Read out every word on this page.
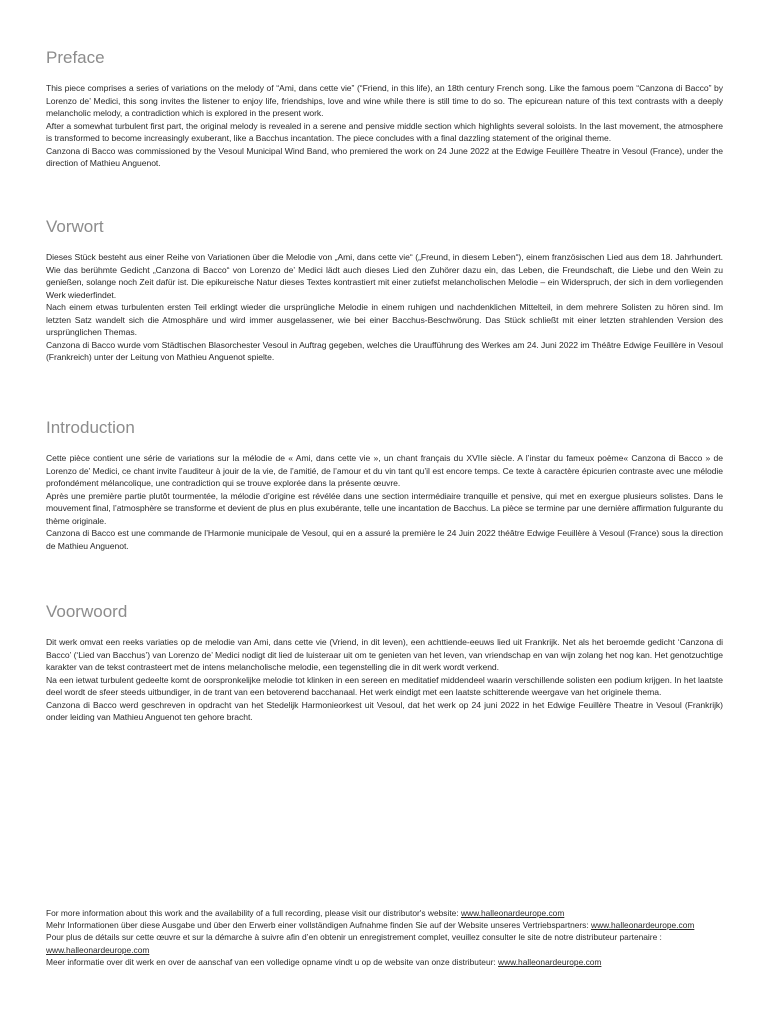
Preface

This piece comprises a series of variations on the melody of “Ami, dans cette vie” (“Friend, in this life), an 18th century French song. Like the famous poem “Canzona di Bacco” by Lorenzo de’ Medici, this song invites the listener to enjoy life, friendships, love and wine while there is still time to do so. The epicurean nature of this text contrasts with a deeply melancholic melody, a contradiction which is explored in the present work.

After a somewhat turbulent first part, the original melody is revealed in a serene and pensive middle section which highlights several soloists. In the last movement, the atmosphere is transformed to become increasingly exuberant, like a Bacchus incantation. The piece concludes with a final dazzling statement of the original theme.

Canzona di Bacco was commissioned by the Vesoul Municipal Wind Band, who premiered the work on 24 June 2022 at the Edwige Feuillère Theatre in Vesoul (France), under the direction of Mathieu Anguenot.

Vorwort

Dieses Stück besteht aus einer Reihe von Variationen über die Melodie von „Ami, dans cette vie“ („Freund, in diesem Leben“), einem französischen Lied aus dem 18. Jahrhundert. Wie das berühmte Gedicht „Canzona di Bacco“ von Lorenzo de’ Medici lädt auch dieses Lied den Zuhörer dazu ein, das Leben, die Freundschaft, die Liebe und den Wein zu genießen, solange noch Zeit dafür ist. Die epikureische Natur dieses Textes kontrastiert mit einer zutiefst melancholischen Melodie – ein Widerspruch, der sich in dem vorliegenden Werk wiederfindet.

Nach einem etwas turbulenten ersten Teil erklingt wieder die ursprüngliche Melodie in einem ruhigen und nachdenklichen Mittelteil, in dem mehrere Solisten zu hören sind. Im letzten Satz wandelt sich die Atmosphäre und wird immer ausgelassener, wie bei einer Bacchus-Beschwörung. Das Stück schließt mit einer letzten strahlenden Version des ursprünglichen Themas.

Canzona di Bacco wurde vom Städtischen Blasorchester Vesoul in Auftrag gegeben, welches die Uraufführung des Werkes am 24. Juni 2022 im Théâtre Edwige Feuillère in Vesoul (Frankreich) unter der Leitung von Mathieu Anguenot spielte.

Introduction

Cette pièce contient une série de variations sur la mélodie de « Ami, dans cette vie », un chant français du XVIIe siècle. A l’instar du fameux poème« Canzona di Bacco » de Lorenzo de’ Medici, ce chant invite l’auditeur à jouir de la vie, de l’amitié, de l’amour et du vin tant qu’il est encore temps. Ce texte à caractère épicurien contraste avec une mélodie profondément mélancolique, une contradiction qui se trouve explorée dans la présente œuvre.

Après une première partie plutôt tourmentée, la mélodie d’origine est révélée dans une section intermédiaire tranquille et pensive, qui met en exergue plusieurs solistes. Dans le mouvement final, l’atmosphère se transforme et devient de plus en plus exubérante, telle une incantation de Bacchus. La pièce se termine par une dernière affirmation fulgurante du thème originale.

Canzona di Bacco est une commande de l’Harmonie municipale de Vesoul, qui en a assuré la première le 24 Juin 2022 théâtre Edwige Feuillère à Vesoul (France) sous la direction de Mathieu Anguenot.

Voorwoord

Dit werk omvat een reeks variaties op de melodie van Ami, dans cette vie (Vriend, in dit leven), een achttiende-eeuws lied uit Frankrijk. Net als het beroemde gedicht ‘Canzona di Bacco’ (‘Lied van Bacchus’) van Lorenzo de’ Medici nodigt dit lied de luisteraar uit om te genieten van het leven, van vriendschap en van wijn zolang het nog kan. Het genotzuchtige karakter van de tekst contrasteert met de intens melancholische melodie, een tegenstelling die in dit werk wordt verkend.

Na een ietwat turbulent gedeelte komt de oorspronkelijke melodie tot klinken in een sereen en meditatief middendeel waarin verschillende solisten een podium krijgen. In het laatste deel wordt de sfeer steeds uitbundiger, in de trant van een betoverend bacchanaal. Het werk eindigt met een laatste schitterende weergave van het originele thema.

Canzona di Bacco werd geschreven in opdracht van het Stedelijk Harmonieorkest uit Vesoul, dat het werk op 24 juni 2022 in het Edwige Feuillère Theatre in Vesoul (Frankrijk) onder leiding van Mathieu Anguenot ten gehore bracht.

For more information about this work and the availability of a full recording, please visit our distributor's website: www.halleonardeurope.com

Mehr Informationen über diese Ausgabe und über den Erwerb einer vollständigen Aufnahme finden Sie auf der Website unseres Vertriebspartners: www.halleonardeurope.com

Pour plus de détails sur cette œuvre et sur la démarche à suivre afin d’en obtenir un enregistrement complet, veuillez consulter le site de notre distributeur partenaire :

www.halleonardeurope.com

Meer informatie over dit werk en over de aanschaf van een volledige opname vindt u op de website van onze distributeur: www.halleonardeurope.com
